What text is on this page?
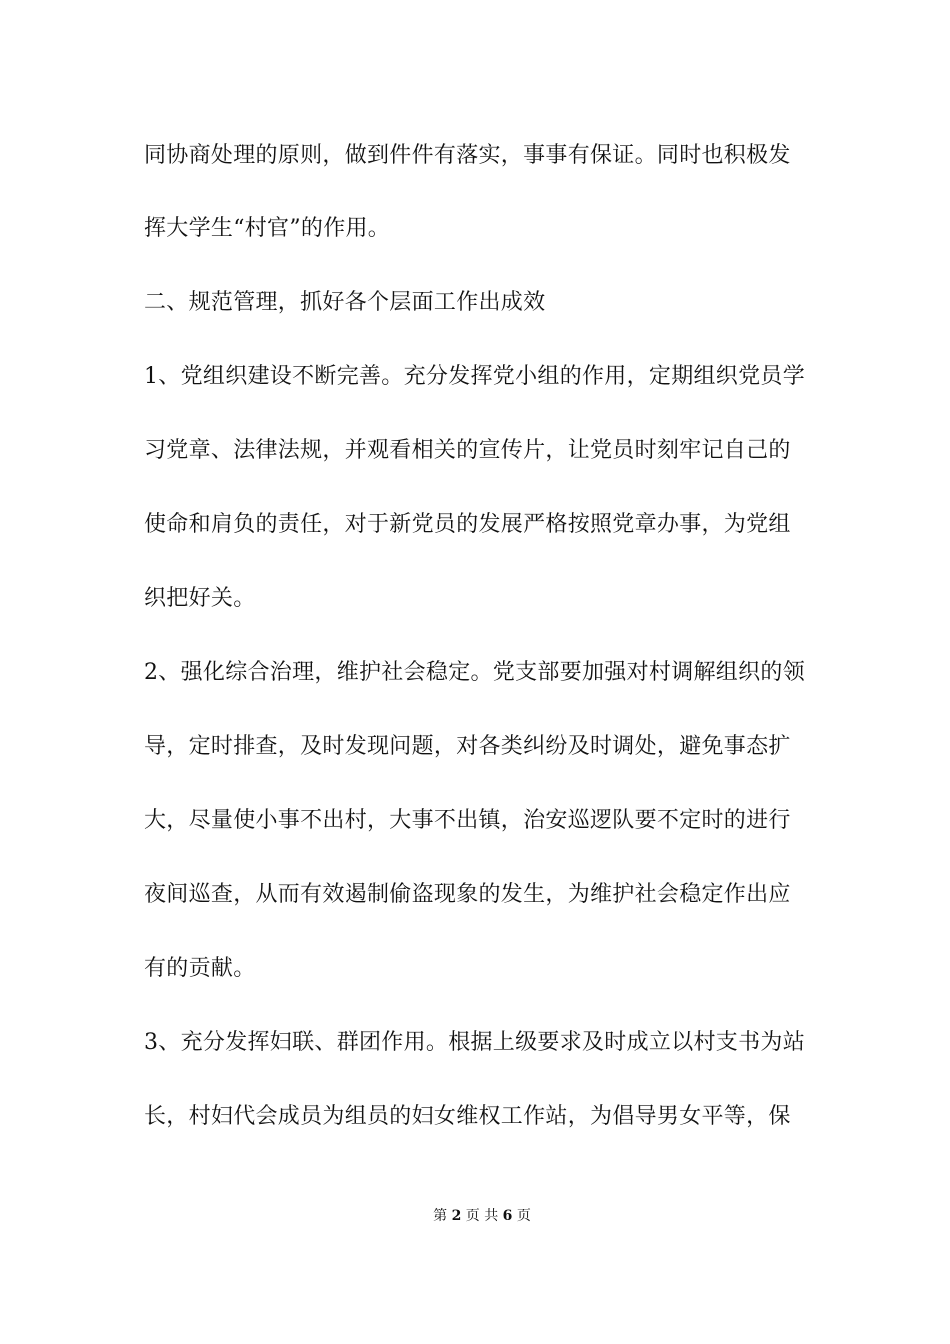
同协商处理的原则，做到件件有落实，事事有保证。同时也积极发
挥大学生“村官”的作用。
二、规范管理，抓好各个层面工作出成效
1、党组织建设不断完善。充分发挥党小组的作用，定期组织党员学
习党章、法律法规，并观看相关的宣传片，让党员时刻牢记自己的
使命和肩负的责任，对于新党员的发展严格按照党章办事，为党组
织把好关。
2、强化综合治理，维护社会稳定。党支部要加强对村调解组织的领
导，定时排查，及时发现问题，对各类纠纷及时调处，避免事态扩
大，尽量使小事不出村，大事不出镇，治安巡逻队要不定时的进行
夜间巡查，从而有效遏制偷盗现象的发生，为维护社会稳定作出应
有的贡献。
3、充分发挥妇联、群团作用。根据上级要求及时成立以村支书为站
长，村妇代会成员为组员的妇女维权工作站，为倡导男女平等，保
第 2 页 共 6 页
